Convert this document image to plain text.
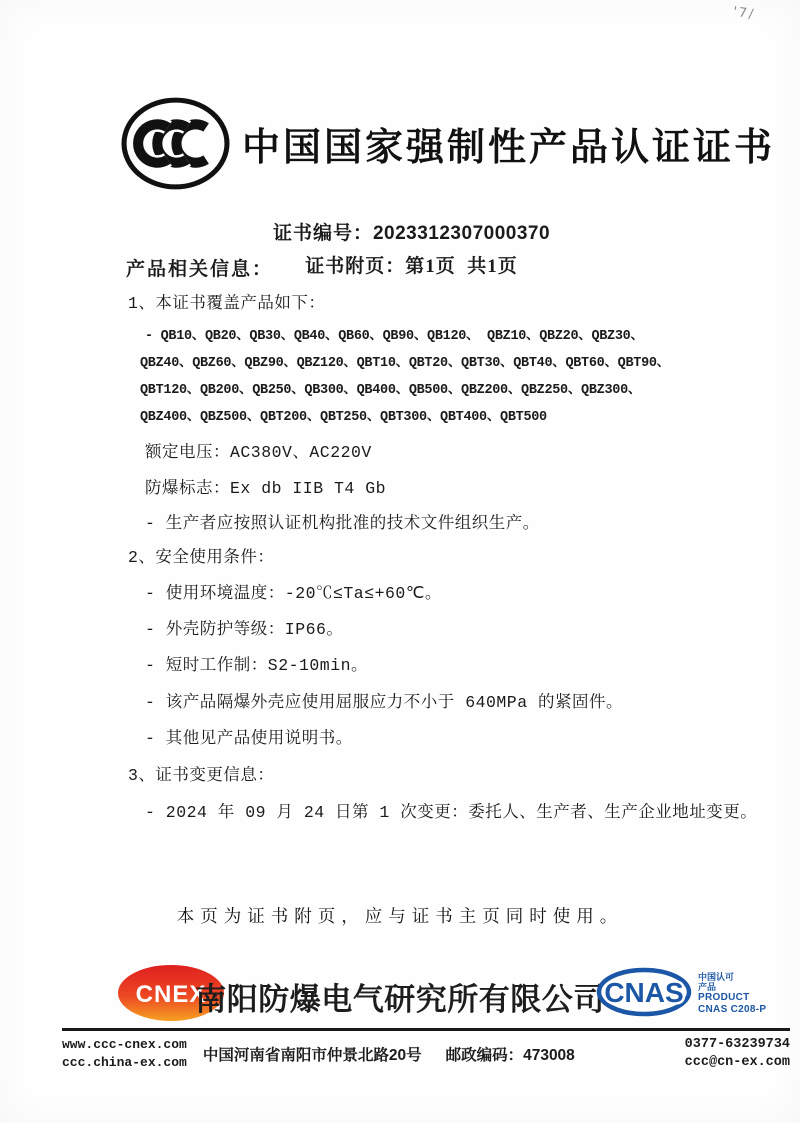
'7/
中国国家强制性产品认证证书

证书编号：2023312307000370

证书附页：第1页  共1页

产品相关信息：
1、本证书覆盖产品如下：
- QB10、QB20、QB30、QB40、QB60、QB90、QB120、 QBZ10、QBZ20、QBZ30、
QBZ40、QBZ60、QBZ90、QBZ120、QBT10、QBT20、QBT30、QBT40、QBT60、QBT90、
QBT120、QB200、QB250、QB300、QB400、QB500、QBZ200、QBZ250、QBZ300、
QBZ400、QBZ500、QBT200、QBT250、QBT300、QBT400、QBT500
额定电压：AC380V、AC220V
防爆标志：Ex db IIB T4 Gb
- 生产者应按照认证机构批准的技术文件组织生产。
2、安全使用条件：
- 使用环境温度：-20℃≤Ta≤+60℃。
- 外壳防护等级：IP66。
- 短时工作制：S2-10min。
- 该产品隔爆外壳应使用屈服应力不小于 640MPa 的紧固件。
- 其他见产品使用说明书。
3、证书变更信息：
- 2024 年 09 月 24 日第 1 次变更：委托人、生产者、生产企业地址变更。
本页为证书附页，应与证书主页同时使用。
CNEX
南阳防爆电气研究所有限公司 CNAS
中国认可
产品
PRODUCT
CNAS C208-P
www.ccc-cnex.com
ccc.china-ex.com 中国河南省南阳市仲景北路20号 邮政编码：473008
0377-63239734
ccc@cn-ex.com
